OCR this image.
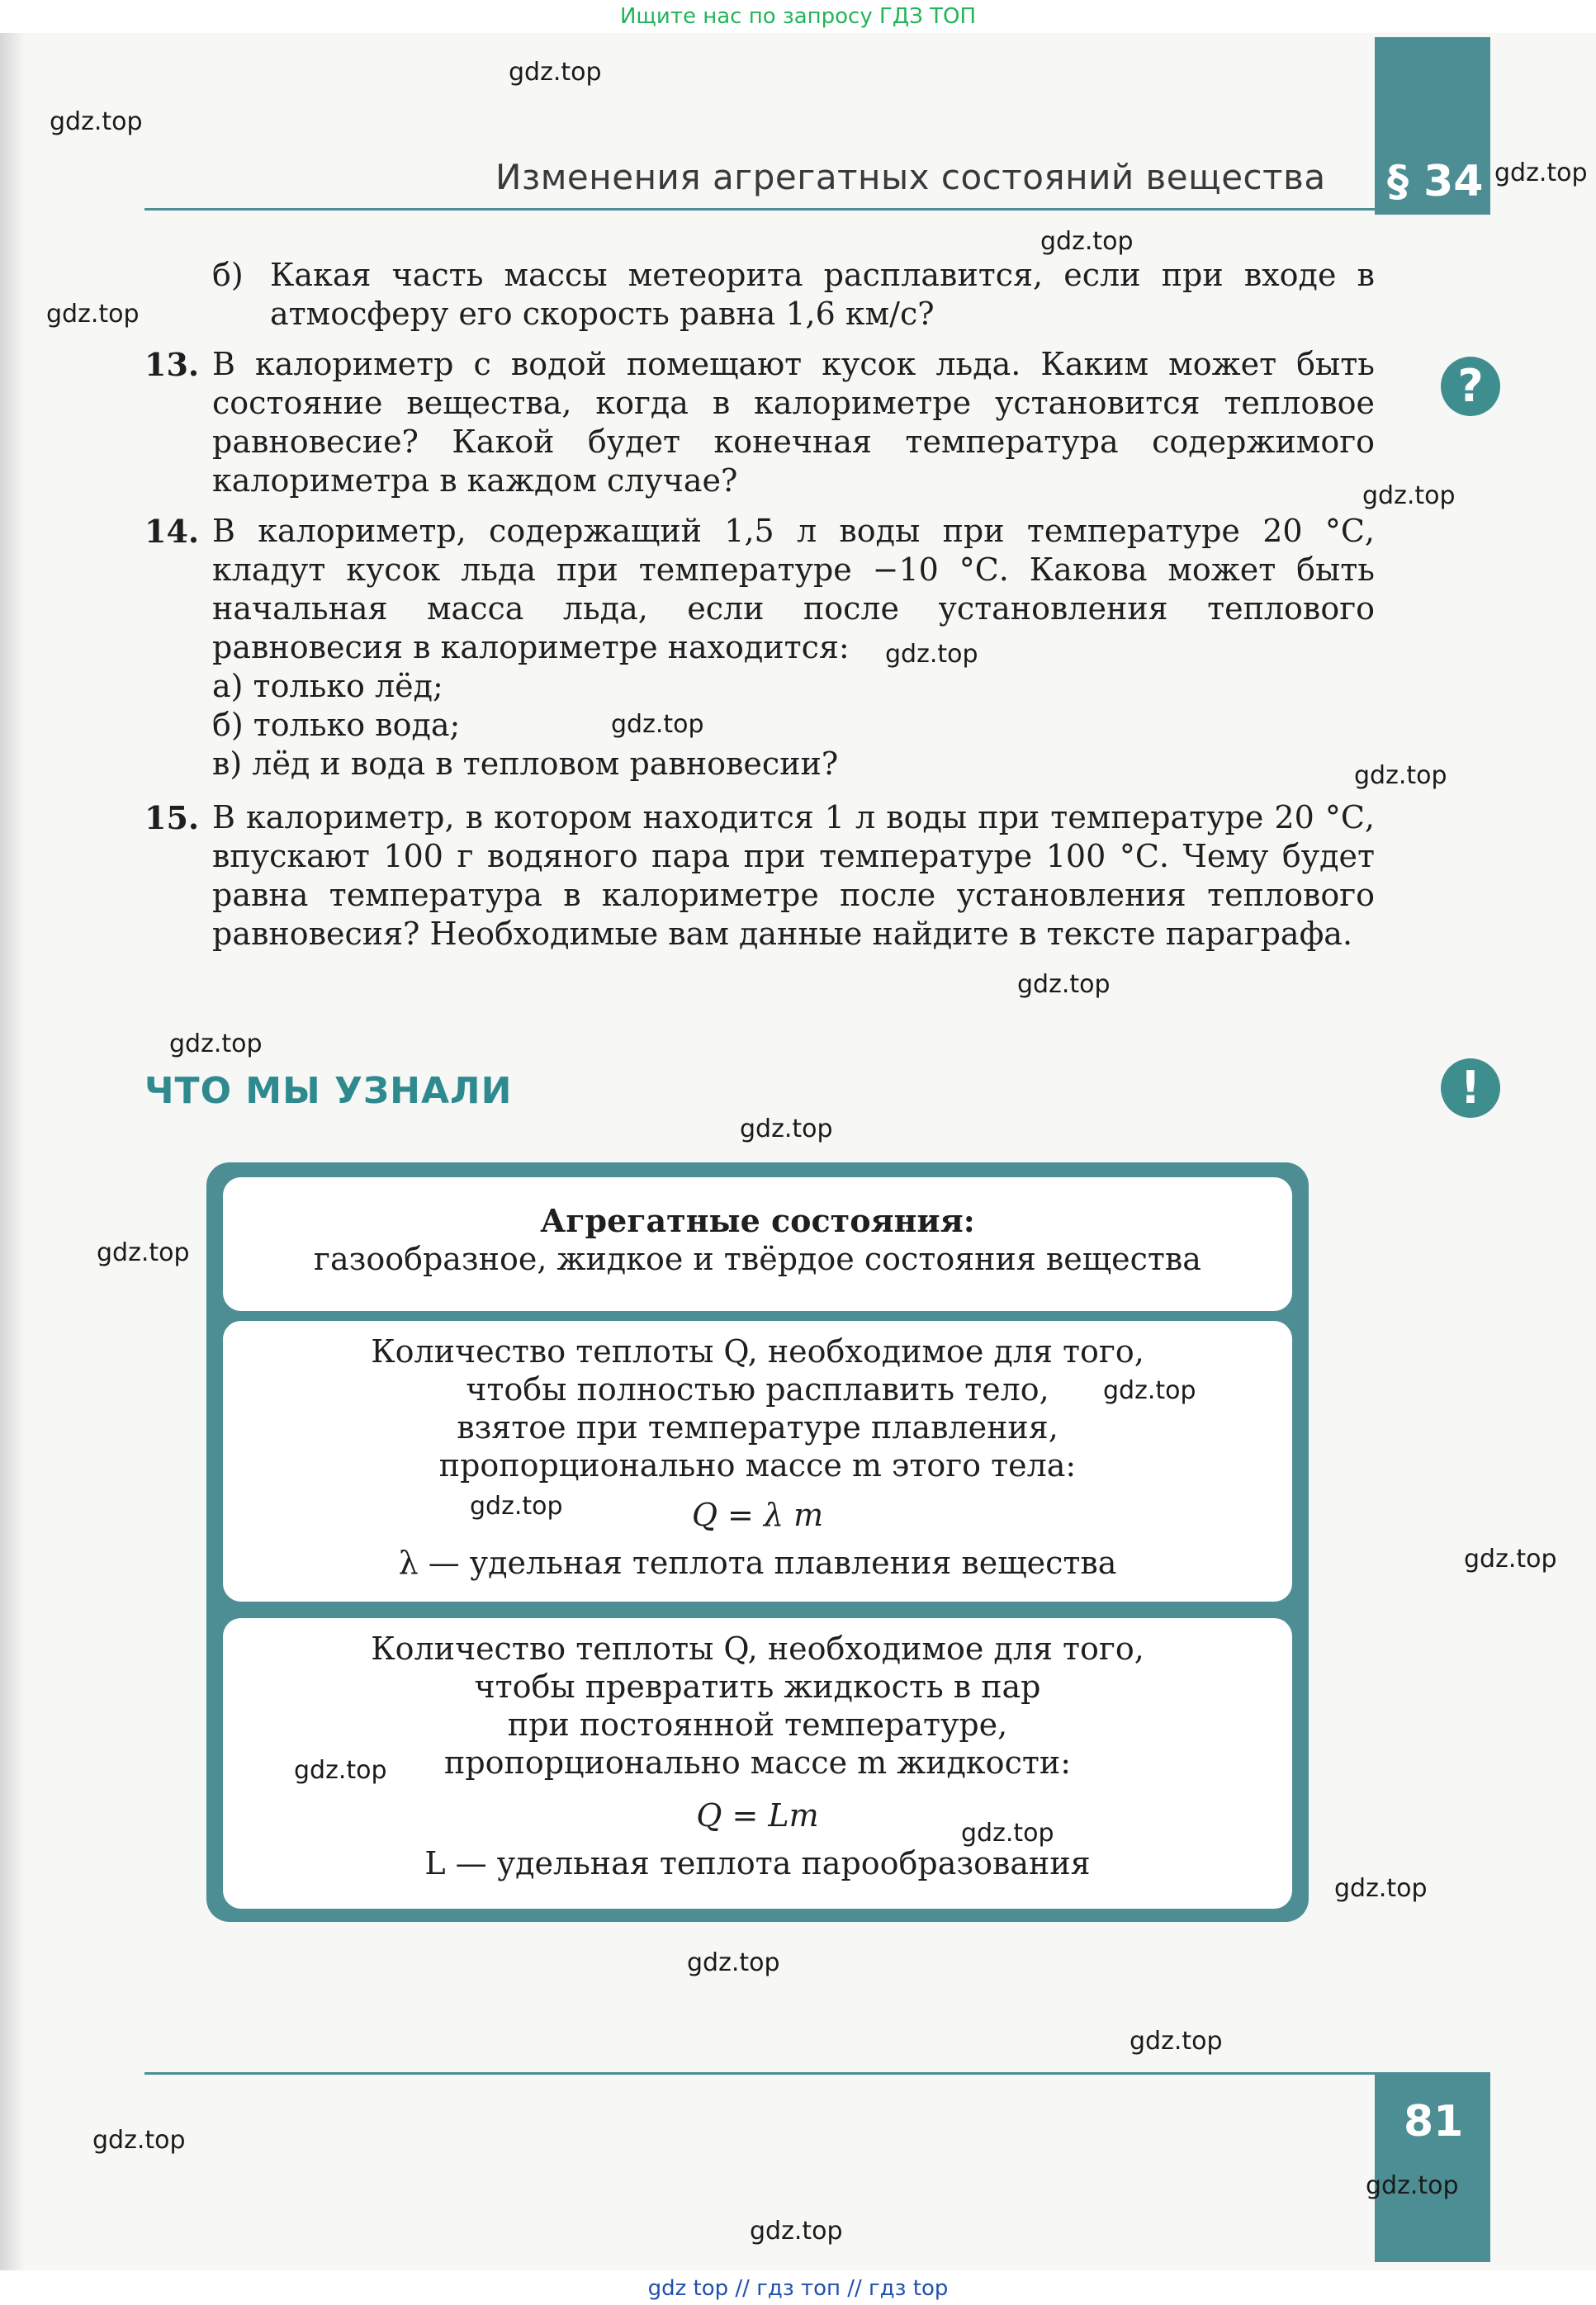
Ищите нас по запросу ГДЗ ТОП
Изменения агрегатных состояний вещества § 34
?
!
б) Какая часть массы метеорита расплавится, если при входе в атмосферу его скорость равна 1,6 км/с?
13. В калориметр с водой помещают кусок льда. Каким может быть состояние вещества, когда в калориметре установится тепловое равновесие? Какой будет конечная температура содержимого калориметра в каждом случае?
14. В калориметр, содержащий 1,5 л воды при температуре 20 °С, кладут кусок льда при температуре −10 °С. Какова может быть начальная масса льда, если после установления теплового равновесия в калориметре находится:
а) только лёд;
б) только вода;
в) лёд и вода в тепловом равновесии?
15. В калориметр, в котором находится 1 л воды при температуре 20 °С, впускают 100 г водяного пара при температуре 100 °С. Чему будет равна температура в калориметре после установления теплового равновесия? Необходимые вам данные найдите в тексте параграфа.
ЧТО МЫ УЗНАЛИ
Агрегатные состояния:
газообразное, жидкое и твёрдое состояния вещества
Количество теплоты Q, необходимое для того,
чтобы полностью расплавить тело,
взятое при температуре плавления,
пропорционально массе m этого тела:
Q = λ m
λ — удельная теплота плавления вещества
Количество теплоты Q, необходимое для того,
чтобы превратить жидкость в пар
при постоянной температуре,
пропорционально массе m жидкости:
Q = Lm
L — удельная теплота парообразования
81
gdz.top
gdz.top
gdz.top
gdz.top
gdz.top
gdz.top
gdz.top
gdz.top
gdz.top
gdz.top
gdz.top
gdz.top
gdz.top
gdz.top
gdz.top
gdz.top
gdz.top
gdz.top
gdz.top
gdz.top
gdz.top
gdz.top
gdz.top
gdz.top
gdz top // гдз топ // гдз top
